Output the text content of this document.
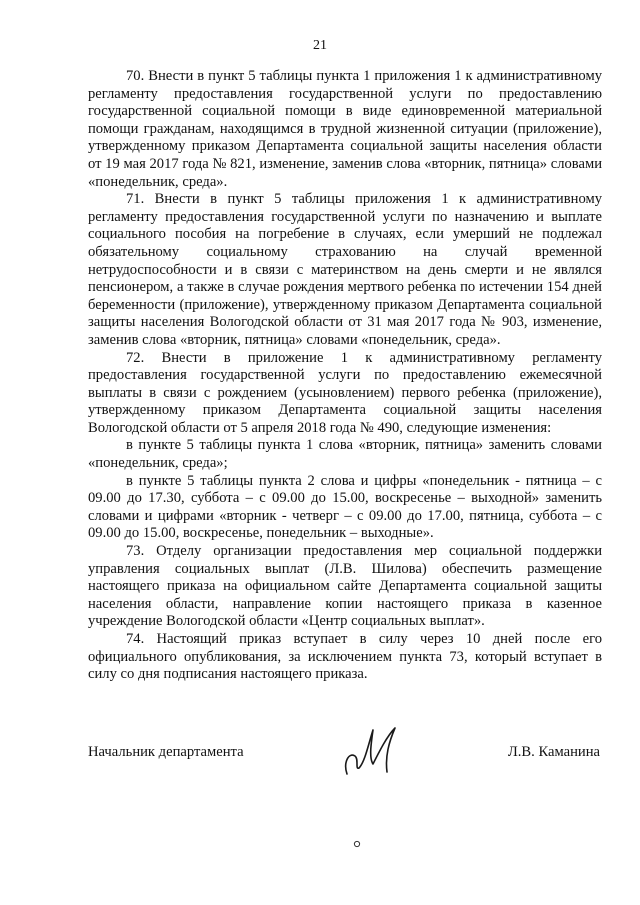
21

70. Внести в пункт 5 таблицы пункта 1 приложения 1 к административному регламенту предоставления государственной услуги по предоставлению государственной социальной помощи в виде единовременной материальной помощи гражданам, находящимся в трудной жизненной ситуации (приложение), утвержденному приказом Департамента социальной защиты населения области от 19 мая 2017 года № 821, изменение, заменив слова «вторник, пятница» словами «понедельник, среда».

71. Внести в пункт 5 таблицы приложения 1 к административному регламенту предоставления государственной услуги по назначению и выплате социального пособия на погребение в случаях, если умерший не подлежал обязательному социальному страхованию на случай временной нетрудоспособности и в связи с материнством на день смерти и не являлся пенсионером, а также в случае рождения мертвого ребенка по истечении 154 дней беременности (приложение), утвержденному приказом Департамента социальной защиты населения Вологодской области от 31 мая 2017 года № 903, изменение, заменив слова «вторник, пятница» словами «понедельник, среда».

72. Внести в приложение 1 к административному регламенту предоставления государственной услуги по предоставлению ежемесячной выплаты в связи с рождением (усыновлением) первого ребенка (приложение), утвержденному приказом Департамента социальной защиты населения Вологодской области от 5 апреля 2018 года № 490, следующие изменения:

в пункте 5 таблицы пункта 1 слова «вторник, пятница» заменить словами «понедельник, среда»;

в пункте 5 таблицы пункта 2 слова и цифры «понедельник - пятница – с 09.00 до 17.30, суббота – с 09.00 до 15.00, воскресенье – выходной» заменить словами и цифрами «вторник - четверг – с 09.00 до 17.00, пятница, суббота – с 09.00 до 15.00, воскресенье, понедельник – выходные».

73. Отделу организации предоставления мер социальной поддержки управления социальных выплат (Л.В. Шилова) обеспечить размещение настоящего приказа на официальном сайте Департамента социальной защиты населения области, направление копии настоящего приказа в казенное учреждение Вологодской области «Центр социальных выплат».

74. Настоящий приказ вступает в силу через 10 дней после его официального опубликования, за исключением пункта 73, который вступает в силу со дня подписания настоящего приказа.

Начальник департамента	Л.В. Каманина
